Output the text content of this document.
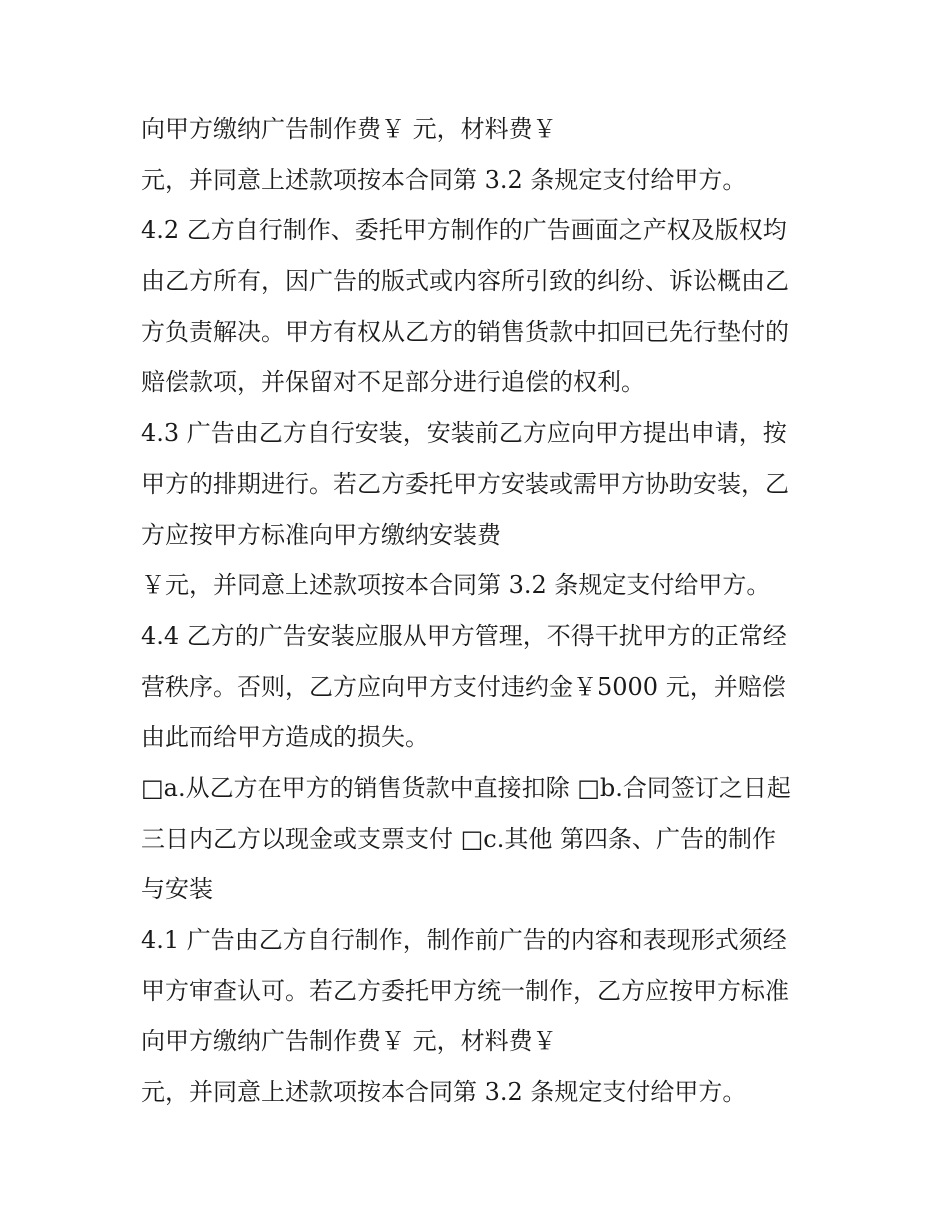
向甲方缴纳广告制作费￥ 元，材料费￥
元，并同意上述款项按本合同第 3.2 条规定支付给甲方。
4.2 乙方自行制作、委托甲方制作的广告画面之产权及版权均
由乙方所有，因广告的版式或内容所引致的纠纷、诉讼概由乙
方负责解决。甲方有权从乙方的销售货款中扣回已先行垫付的
赔偿款项，并保留对不足部分进行追偿的权利。
4.3 广告由乙方自行安装，安装前乙方应向甲方提出申请，按
甲方的排期进行。若乙方委托甲方安装或需甲方协助安装，乙
方应按甲方标准向甲方缴纳安装费
￥元，并同意上述款项按本合同第 3.2 条规定支付给甲方。
4.4 乙方的广告安装应服从甲方管理，不得干扰甲方的正常经
营秩序。否则，乙方应向甲方支付违约金￥5000 元，并赔偿
由此而给甲方造成的损失。
□a.从乙方在甲方的销售货款中直接扣除 □b.合同签订之日起
三日内乙方以现金或支票支付 □c.其他 第四条、广告的制作
与安装
4.1 广告由乙方自行制作，制作前广告的内容和表现形式须经
甲方审查认可。若乙方委托甲方统一制作，乙方应按甲方标准
向甲方缴纳广告制作费￥ 元，材料费￥
元，并同意上述款项按本合同第 3.2 条规定支付给甲方。
